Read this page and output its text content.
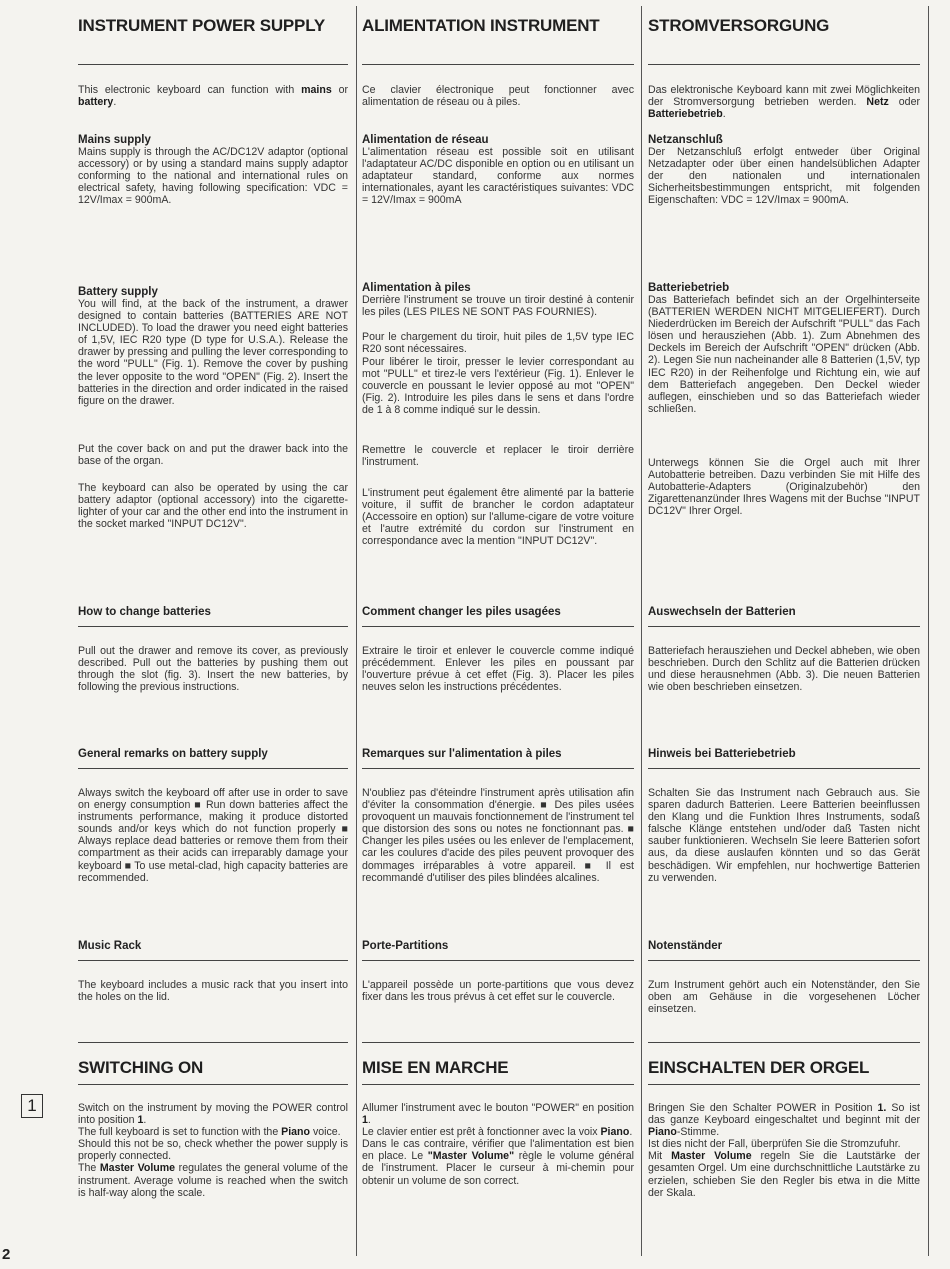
1
2
INSTRUMENT POWER SUPPLY
This electronic keyboard can function with mains or battery.
Mains supply
Mains supply is through the AC/DC12V adaptor (optional accessory) or by using a standard mains supply adaptor conforming to the national and international rules on electrical safety, having following specification: VDC = 12V/Imax = 900mA.
Battery supply
You will find, at the back of the instrument, a drawer designed to contain batteries (BATTERIES ARE NOT INCLUDED). To load the drawer you need eight batteries of 1,5V, IEC R20 type (D type for U.S.A.). Release the drawer by pressing and pulling the lever corresponding to the word "PULL" (Fig. 1). Remove the cover by pushing the lever opposite to the word "OPEN" (Fig. 2). Insert the batteries in the direction and order indicated in the raised figure on the drawer.
Put the cover back on and put the drawer back into the base of the organ.
The keyboard can also be operated by using the car battery adaptor (optional accessory) into the cigarette-lighter of your car and the other end into the instrument in the socket marked "INPUT DC12V".
How to change batteries
Pull out the drawer and remove its cover, as previously described. Pull out the batteries by pushing them out through the slot (fig. 3). Insert the new batteries, by following the previous instructions.
General remarks on battery supply
Always switch the keyboard off after use in order to save on energy consumption ■ Run down batteries affect the instruments performance, making it produce distorted sounds and/or keys which do not function properly ■ Always replace dead batteries or remove them from their compartment as their acids can irreparably damage your keyboard ■ To use metal-clad, high capacity batteries are recommended.
Music Rack
The keyboard includes a music rack that you insert into the holes on the lid.
SWITCHING ON
Switch on the instrument by moving the POWER control into position 1.
The full keyboard is set to function with the Piano voice.
Should this not be so, check whether the power supply is properly connected.
The Master Volume regulates the general volume of the instrument. Average volume is reached when the switch is half-way along the scale.
ALIMENTATION INSTRUMENT
Ce clavier électronique peut fonctionner avec alimentation de réseau ou à piles.
Alimentation de réseau
L'alimentation réseau est possible soit en utilisant l'adaptateur AC/DC disponible en option ou en utilisant un adaptateur standard, conforme aux normes internationales, ayant les caractéristiques suivantes: VDC = 12V/Imax = 900mA
Alimentation à piles
Derrière l'instrument se trouve un tiroir destiné à contenir les piles (LES PILES NE SONT PAS FOURNIES).
Pour le chargement du tiroir, huit piles de 1,5V type IEC R20 sont nécessaires.
Pour libérer le tiroir, presser le levier correspondant au mot "PULL" et tirez-le vers l'extérieur (Fig. 1). Enlever le couvercle en poussant le levier opposé au mot "OPEN" (Fig. 2). Introduire les piles dans le sens et dans l'ordre de 1 à 8 comme indiqué sur le dessin.
Remettre le couvercle et replacer le tiroir derrière l'instrument.
L'instrument peut également être alimenté par la batterie voiture, il suffit de brancher le cordon adaptateur (Accessoire en option) sur l'allume-cigare de votre voiture et l'autre extrémité du cordon sur l'instrument en correspondance avec la mention "INPUT DC12V".
Comment changer les piles usagées
Extraire le tiroir et enlever le couvercle comme indiqué précédemment. Enlever les piles en poussant par l'ouverture prévue à cet effet (Fig. 3). Placer les piles neuves selon les instructions précédentes.
Remarques sur l'alimentation à piles
N'oubliez pas d'éteindre l'instrument après utilisation afin d'éviter la consommation d'énergie. ■ Des piles usées provoquent un mauvais fonctionnement de l'instrument tel que distorsion des sons ou notes ne fonctionnant pas. ■ Changer les piles usées ou les enlever de l'emplacement, car les coulures d'acide des piles peuvent provoquer des dommages irréparables à votre appareil. ■ Il est recommandé d'utiliser des piles blindées alcalines.
Porte-Partitions
L'appareil possède un porte-partitions que vous devez fixer dans les trous prévus à cet effet sur le couvercle.
MISE EN MARCHE
Allumer l'instrument avec le bouton "POWER" en position 1.
Le clavier entier est prêt à fonctionner avec la voix Piano.
Dans le cas contraire, vérifier que l'alimentation est bien en place. Le "Master Volume" règle le volume général de l'instrument. Placer le curseur à mi-chemin pour obtenir un volume de son correct.
STROMVERSORGUNG
Das elektronische Keyboard kann mit zwei Möglichkeiten der Stromversorgung betrieben werden. Netz oder Batteriebetrieb.
Netzanschluß
Der Netzanschluß erfolgt entweder über Original Netzadapter oder über einen handelsüblichen Adapter der den nationalen und internationalen Sicherheitsbestimmungen entspricht, mit folgenden Eigenschaften: VDC = 12V/Imax = 900mA.
Batteriebetrieb
Das Batteriefach befindet sich an der Orgelhinterseite (BATTERIEN WERDEN NICHT MITGELIEFERT). Durch Niederdrücken im Bereich der Aufschrift "PULL" das Fach lösen und herausziehen (Abb. 1). Zum Abnehmen des Deckels im Bereich der Aufschrift "OPEN" drücken (Abb. 2). Legen Sie nun nacheinander alle 8 Batterien (1,5V, typ IEC R20) in der Reihenfolge und Richtung ein, wie auf dem Batteriefach angegeben. Den Deckel wieder auflegen, einschieben und so das Batteriefach wieder schließen.
Unterwegs können Sie die Orgel auch mit Ihrer Autobatterie betreiben. Dazu verbinden Sie mit Hilfe des Autobatterie-Adapters (Originalzubehör) den Zigarettenanzünder Ihres Wagens mit der Buchse "INPUT DC12V" Ihrer Orgel.
Auswechseln der Batterien
Batteriefach herausziehen und Deckel abheben, wie oben beschrieben. Durch den Schlitz auf die Batterien drücken und diese herausnehmen (Abb. 3). Die neuen Batterien wie oben beschrieben einsetzen.
Hinweis bei Batteriebetrieb
Schalten Sie das Instrument nach Gebrauch aus. Sie sparen dadurch Batterien. Leere Batterien beeinflussen den Klang und die Funktion Ihres Instruments, sodaß falsche Klänge entstehen und/oder daß Tasten nicht sauber funktionieren. Wechseln Sie leere Batterien sofort aus, da diese auslaufen könnten und so das Gerät beschädigen. Wir empfehlen, nur hochwertige Batterien zu verwenden.
Notenständer
Zum Instrument gehört auch ein Notenständer, den Sie oben am Gehäuse in die vorgesehenen Löcher einsetzen.
EINSCHALTEN DER ORGEL
Bringen Sie den Schalter POWER in Position 1. So ist das ganze Keyboard eingeschaltet und beginnt mit der Piano-Stimme.
Ist dies nicht der Fall, überprüfen Sie die Stromzufuhr.
Mit Master Volume regeln Sie die Lautstärke der gesamten Orgel. Um eine durchschnittliche Lautstärke zu erzielen, schieben Sie den Regler bis etwa in die Mitte der Skala.
